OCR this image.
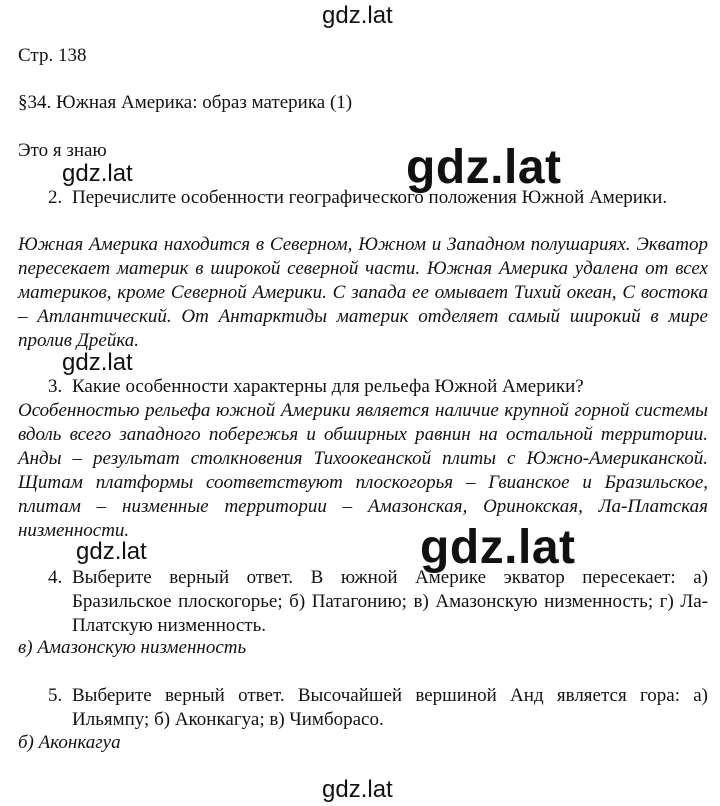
gdz.lat
gdz.lat	gdz.lat
gdz.lat
gdz.lat	gdz.lat
gdz.lat
Стр. 138
§34. Южная Америка: образ материка (1)
Это я знаю
2. Перечислите особенности географического положения Южной Америки.
Южная Америка находится в Северном, Южном и Западном полушариях. Экватор пересекает материк в широкой северной части. Южная Америка удалена от всех материков, кроме Северной Америки. С запада ее омывает Тихий океан, С востока – Атлантический. От Антарктиды материк отделяет самый широкий в мире пролив Дрейка.
3. Какие особенности характерны для рельефа Южной Америки?
Особенностью рельефа южной Америки является наличие крупной горной системы вдоль всего западного побережья и обширных равнин на остальной территории. Анды – результат столкновения Тихоокеанской плиты с Южно-Американской. Щитам платформы соответствуют плоскогорья – Гвианское и Бразильское, плитам – низменные территории – Амазонская, Оринокская, Ла-Платская низменности.
4. Выберите верный ответ. В южной Америке экватор пересекает: а) Бразильское плоскогорье; б) Патагонию; в) Амазонскую низменность; г) Ла-Платскую низменность.
в) Амазонскую низменность
5. Выберите верный ответ. Высочайшей вершиной Анд является гора: а) Ильямпу; б) Аконкагуа; в) Чимборасо.
б) Аконкагуа
